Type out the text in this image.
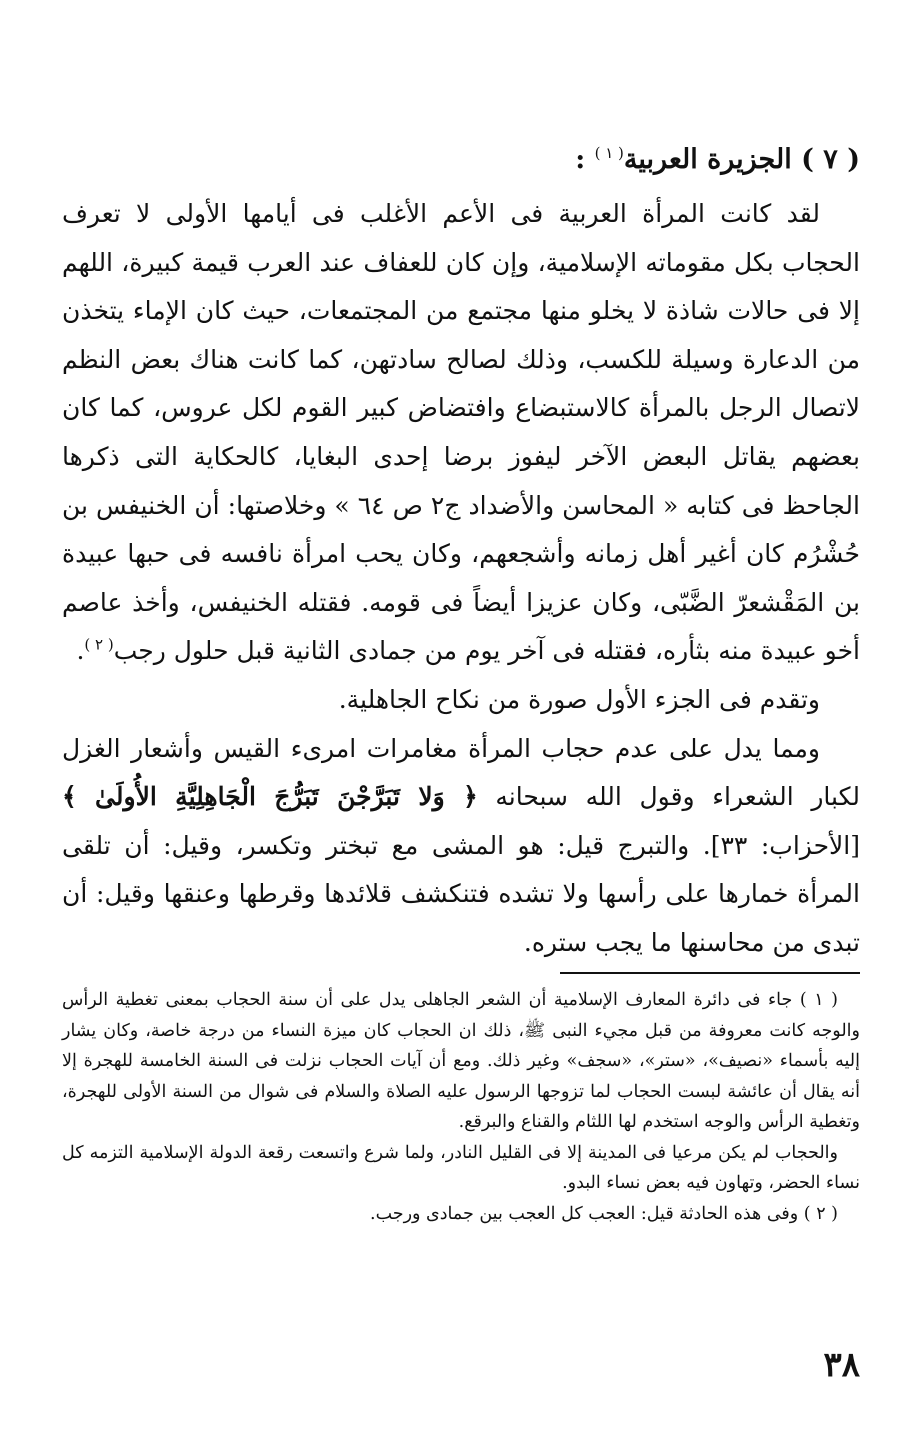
( ٧ ) الجزيرة العربية$^{( ١ )}$ :

لقد كانت المرأة العربية فى الأعم الأغلب فى أيامها الأولى لا تعرف الحجاب بكل مقوماته الإسلامية، وإن كان للعفاف عند العرب قيمة كبيرة، اللهم إلا فى حالات شاذة لا يخلو منها مجتمع من المجتمعات، حيث كان الإماء يتخذن من الدعارة وسيلة للكسب، وذلك لصالح سادتهن، كما كانت هناك بعض النظم لاتصال الرجل بالمرأة كالاستبضاع وافتضاض كبير القوم لكل عروس، كما كان بعضهم يقاتل البعض الآخر ليفوز برضا إحدى البغايا، كالحكاية التى ذكرها الجاحظ فى كتابه « المحاسن والأضداد ج٢ ص ٦٤ » وخلاصتها: أن الخنيفس بن حُشْرُم كان أغير أهل زمانه وأشجعهم، وكان يحب امرأة نافسه فى حبها عبيدة بن المَقْشعرّ الضَّبّى، وكان عزيزا أيضاً فى قومه. فقتله الخنيفس، وأخذ عاصم أخو عبيدة منه بثأره، فقتله فى آخر يوم من جمادى الثانية قبل حلول رجب$^{( ٢ )}$.

وتقدم فى الجزء الأول صورة من نكاح الجاهلية.

ومما يدل على عدم حجاب المرأة مغامرات امرىء القيس وأشعار الغزل لكبار الشعراء وقول الله سبحانه ﴿ وَلا تَبَرَّجْنَ تَبَرُّجَ الْجَاهِلِيَّةِ الأُولَىٰ ﴾ [الأحزاب: ٣٣]. والتبرج قيل: هو المشى مع تبختر وتكسر، وقيل: أن تلقى المرأة خمارها على رأسها ولا تشده فتنكشف قلائدها وقرطها وعنقها وقيل: أن تبدى من محاسنها ما يجب ستره.

( ١ ) جاء فى دائرة المعارف الإسلامية أن الشعر الجاهلى يدل على أن سنة الحجاب بمعنى تغطية الرأس والوجه كانت معروفة من قبل مجيء النبى ﷺ، ذلك ان الحجاب كان ميزة النساء من درجة خاصة، وكان يشار إليه بأسماء «نصيف»، «ستر»، «سجف» وغير ذلك. ومع أن آيات الحجاب نزلت فى السنة الخامسة للهجرة إلا أنه يقال أن عائشة لبست الحجاب لما تزوجها الرسول عليه الصلاة والسلام فى شوال من السنة الأولى للهجرة، وتغطية الرأس والوجه استخدم لها اللثام والقناع والبرقع.

والحجاب لم يكن مرعيا فى المدينة إلا فى القليل النادر، ولما شرع واتسعت رقعة الدولة الإسلامية التزمه كل نساء الحضر، وتهاون فيه بعض نساء البدو.

( ٢ ) وفى هذه الحادثة قيل: العجب كل العجب بين جمادى ورجب.

٣٨
